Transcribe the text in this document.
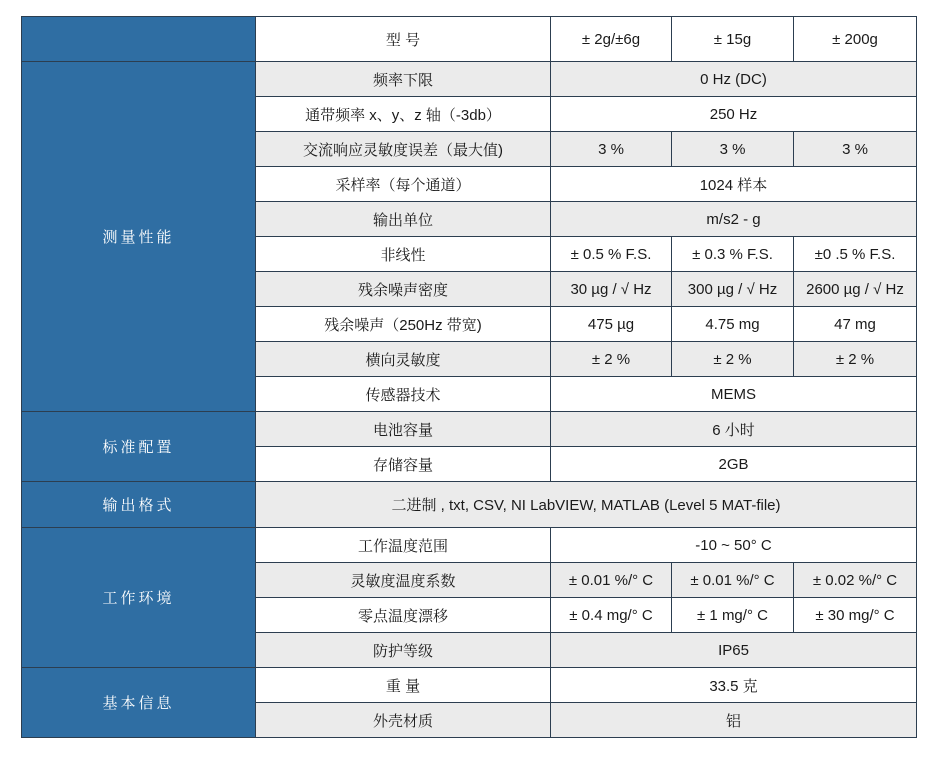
	型 号	± 2g/±6g	± 15g	± 200g
测量性能	频率下限	0 Hz (DC)		
	通带频率 x、y、z 轴（-3db）	250 Hz		
	交流响应灵敏度误差（最大值)	3 %	3 %	3 %
	采样率（每个通道）	1024 样本		
	输出单位	m/s2 - g		
	非线性	± 0.5 % F.S.	± 0.3 % F.S.	±0 .5 % F.S.
	残余噪声密度	30 µg / √ Hz	300 µg / √ Hz	2600 µg / √ Hz
	残余噪声（250Hz 带宽)	475 µg	4.75 mg	47 mg
	横向灵敏度	± 2 %	± 2 %	± 2 %
	传感器技术	MEMS		
标准配置	电池容量	6 小时		
	存储容量	2GB		
输出格式	二进制 , txt, CSV, NI LabVIEW, MATLAB (Level 5 MAT-file)			
工作环境	工作温度范围	-10 ~ 50° C		
	灵敏度温度系数	± 0.01 %/° C	± 0.01 %/° C	± 0.02 %/° C
	零点温度漂移	± 0.4 mg/° C	± 1 mg/° C	± 30 mg/° C
	防护等级	IP65		
基本信息	重 量	33.5 克		
	外壳材质	铝		
